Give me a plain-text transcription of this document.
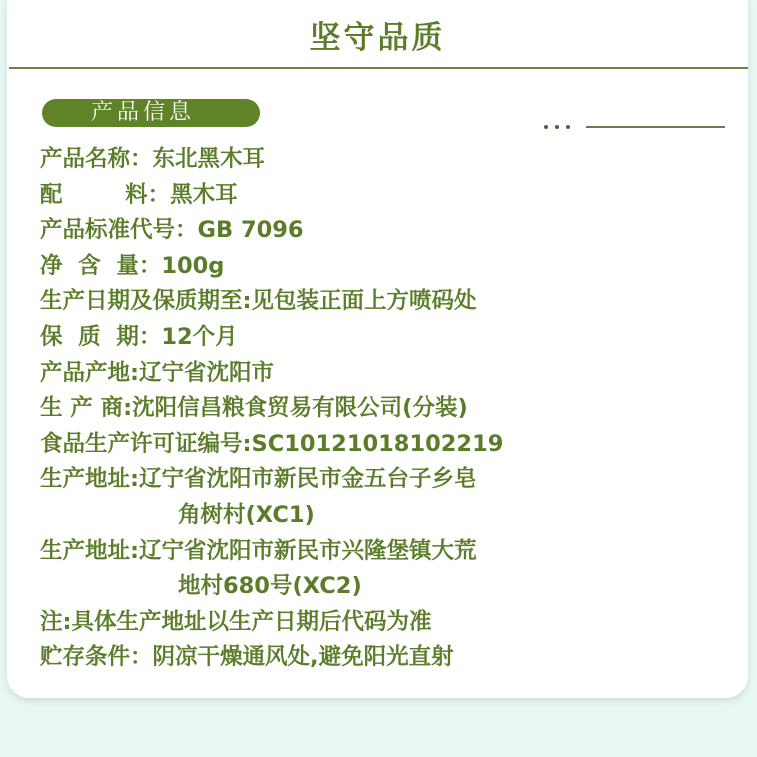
坚守品质
产品信息
产品名称： 东北黑木耳
配        料： 黑木耳
产品标准代号： GB 7096
净  含  量： 100g
生产日期及保质期至: 见包装正面上方喷码处
保  质  期： 12个月
产品产地: 辽宁省沈阳市
生 产 商: 沈阳信昌粮食贸易有限公司(分装)
食品生产许可证编号: SC10121018102219
生产地址: 辽宁省沈阳市新民市金五台子乡皂
角树村(XC1)
生产地址: 辽宁省沈阳市新民市兴隆堡镇大荒
地村680号(XC2)
注: 具体生产地址以生产日期后代码为准
贮存条件： 阴凉干燥通风处,避免阳光直射
